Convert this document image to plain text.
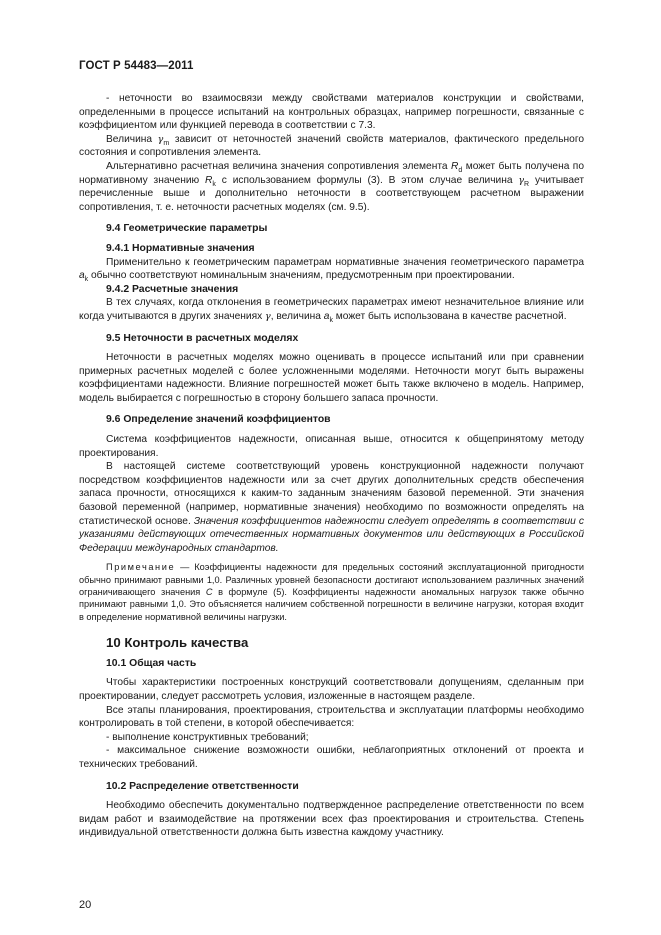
ГОСТ Р 54483—2011

- неточности во взаимосвязи между свойствами материалов конструкции и свойствами, определенными в процессе испытаний на контрольных образцах, например погрешности, связанные с коэффициентом или функцией перевода в соответствии с 7.3.

Величина $\gamma_m$ зависит от неточностей значений свойств материалов, фактического предельного состояния и сопротивления элемента.

Альтернативно расчетная величина значения сопротивления элемента $R_d$ может быть получена по нормативному значению $R_k$ с использованием формулы (3). В этом случае величина $\gamma_R$ учитывает перечисленные выше и дополнительно неточности в соответствующем расчетном выражении сопротивления, т. е. неточности расчетных моделях (см. 9.5).

9.4 Геометрические параметры
9.4.1 Нормативные значения

Применительно к геометрическим параметрам нормативные значения геометрического параметра $a_k$ обычно соответствуют номинальным значениям, предусмотренным при проектировании.

9.4.2 Расчетные значения

В тех случаях, когда отклонения в геометрических параметрах имеют незначительное влияние или когда учитываются в других значениях γ, величина $a_k$ может быть использована в качестве расчетной.

9.5 Неточности в расчетных моделях

Неточности в расчетных моделях можно оценивать в процессе испытаний или при сравнении примерных расчетных моделей с более усложненными моделями. Неточности могут быть выражены коэффициентами надежности. Влияние погрешностей может быть также включено в модель. Например, модель выбирается с погрешностью в сторону большего запаса прочности.

9.6 Определение значений коэффициентов

Система коэффициентов надежности, описанная выше, относится к общепринятому методу проектирования.

В настоящей системе соответствующий уровень конструкционной надежности получают посредством коэффициентов надежности или за счет других дополнительных средств обеспечения запаса прочности, относящихся к каким-то заданным значениям базовой переменной. Эти значения базовой переменной (например, нормативные значения) необходимо по возможности определять на статистической основе. Значения коэффициентов надежности следует определять в соответствии с указаниями действующих отечественных нормативных документов или действующих в Российской Федерации международных стандартов.

Примечание — Коэффициенты надежности для предельных состояний эксплуатационной пригодности обычно принимают равными 1,0. Различных уровней безопасности достигают использованием различных значений ограничивающего значения C в формуле (5). Коэффициенты надежности аномальных нагрузок также обычно принимают равными 1,0. Это объясняется наличием собственной погрешности в величине нагрузки, которая входит в определение нормативной величины нагрузки.

10 Контроль качества
10.1 Общая часть

Чтобы характеристики построенных конструкций соответствовали допущениям, сделанным при проектировании, следует рассмотреть условия, изложенные в настоящем разделе.

Все этапы планирования, проектирования, строительства и эксплуатации платформы необходимо контролировать в той степени, в которой обеспечивается:

- выполнение конструктивных требований;

- максимальное снижение возможности ошибки, неблагоприятных отклонений от проекта и технических требований.

10.2 Распределение ответственности

Необходимо обеспечить документально подтвержденное распределение ответственности по всем видам работ и взаимодействие на протяжении всех фаз проектирования и строительства. Степень индивидуальной ответственности должна быть известна каждому участнику.

20
